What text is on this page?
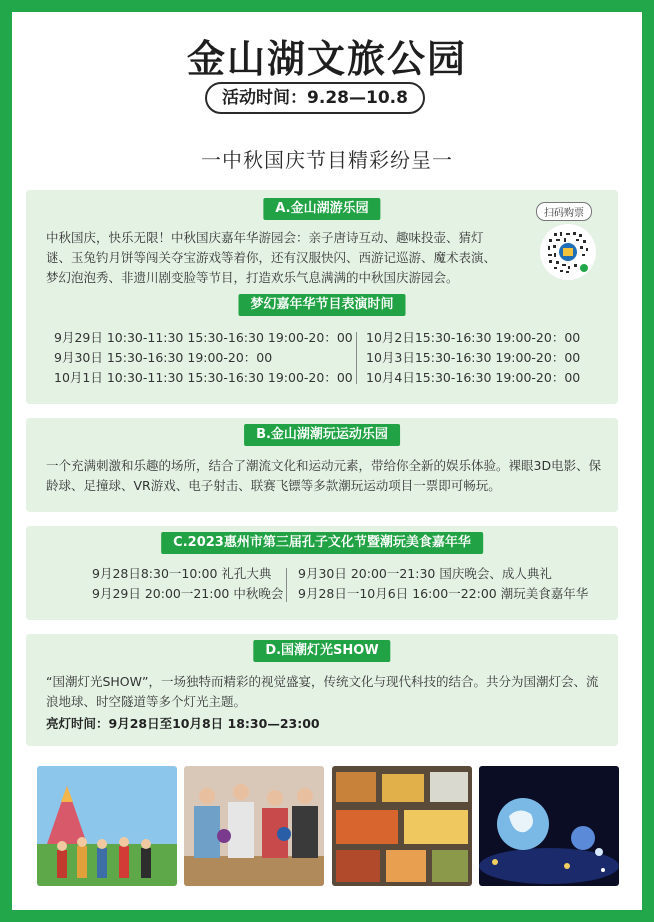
金山湖文旅公园
活动时间：9.28—10.8
一中秋国庆节目精彩纷呈一
A.金山湖游乐园
中秋国庆，快乐无限！中秋国庆嘉年华游园会：亲子唐诗互动、趣味投壶、猜灯谜、玉兔钓月饼等闯关夺宝游戏等着你，还有汉服快闪、西游记巡游、魔术表演、梦幻泡泡秀、非遗川剧变脸等节目，打造欢乐气息满满的中秋国庆游园会。
扫码购票
梦幻嘉年华节目表演时间
9月29日 10:30-11:30 15:30-16:30 19:00-20：00
9月30日 15:30-16:30 19:00-20：00
10月1日 10:30-11:30 15:30-16:30 19:00-20：00
10月2日15:30-16:30 19:00-20：00
10月3日15:30-16:30 19:00-20：00
10月4日15:30-16:30 19:00-20：00
B.金山湖潮玩运动乐园
一个充满刺激和乐趣的场所，结合了潮流文化和运动元素，带给你全新的娱乐体验。裸眼3D电影、保龄球、足撞球、VR游戏、电子射击、联赛飞镖等多款潮玩运动项目一票即可畅玩。
C.2023惠州市第三届孔子文化节暨潮玩美食嘉年华
9月28日8:30一10:00 礼孔大典
9月29日 20:00一21:00 中秋晚会
9月30日 20:00一21:30 国庆晚会、成人典礼
9月28日一10月6日 16:00一22:00 潮玩美食嘉年华
D.国潮灯光SHOW
“国潮灯光SHOW”，一场独特而精彩的视觉盛宴，传统文化与现代科技的结合。共分为国潮灯会、流浪地球、时空隧道等多个灯光主题。
亮灯时间：9月28日至10月8日 18:30—23:00
